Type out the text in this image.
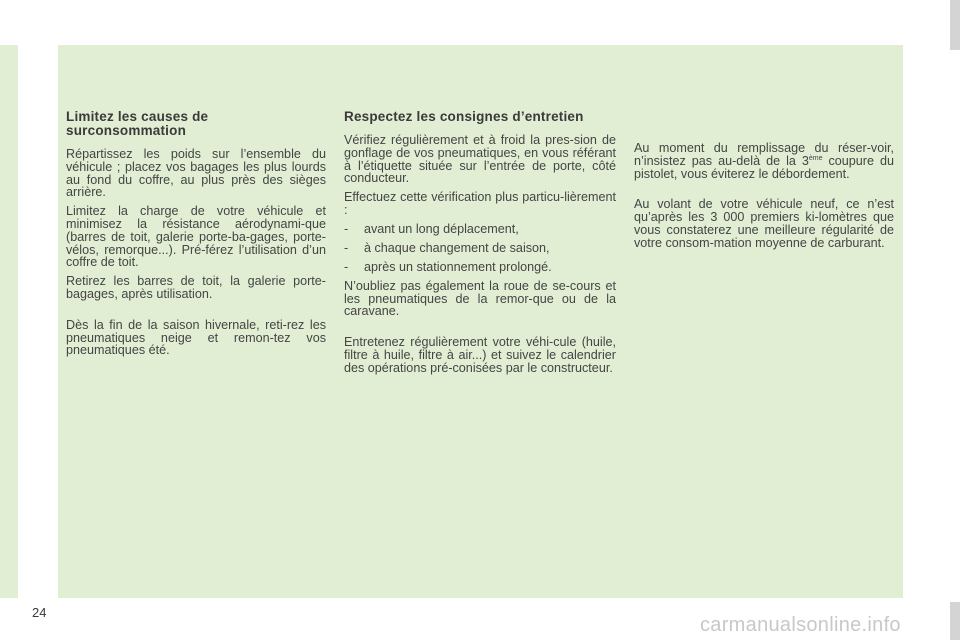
Limitez les causes de surconsommation

Répartissez les poids sur l’ensemble du véhicule ; placez vos bagages les plus lourds au fond du coffre, au plus près des sièges arrière.

Limitez la charge de votre véhicule et minimisez la résistance aérodynami-que (barres de toit, galerie porte-ba-gages, porte-vélos, remorque...). Pré-férez l’utilisation d’un coffre de toit.

Retirez les barres de toit, la galerie porte-bagages, après utilisation.

Dès la fin de la saison hivernale, reti-rez les pneumatiques neige et remon-tez vos pneumatiques été.

Respectez les consignes d’entretien

Vérifiez régulièrement et à froid la pres-sion de gonflage de vos pneumatiques, en vous référant à l’étiquette située sur l’entrée de porte, côté conducteur.

Effectuez cette vérification plus particu-lièrement :

- avant un long déplacement,
- à chaque changement de saison,
- après un stationnement prolongé.

N’oubliez pas également la roue de se-cours et les pneumatiques de la remor-que ou de la caravane.

Entretenez régulièrement votre véhi-cule (huile, filtre à huile, filtre à air...) et suivez le calendrier des opérations pré-conisées par le constructeur.

Au moment du remplissage du réser-voir, n’insistez pas au-delà de la 3ème coupure du pistolet, vous éviterez le débordement.

Au volant de votre véhicule neuf, ce n’est qu’après les 3 000 premiers ki-lomètres que vous constaterez une meilleure régularité de votre consom-mation moyenne de carburant.

24
carmanualsonline.info
